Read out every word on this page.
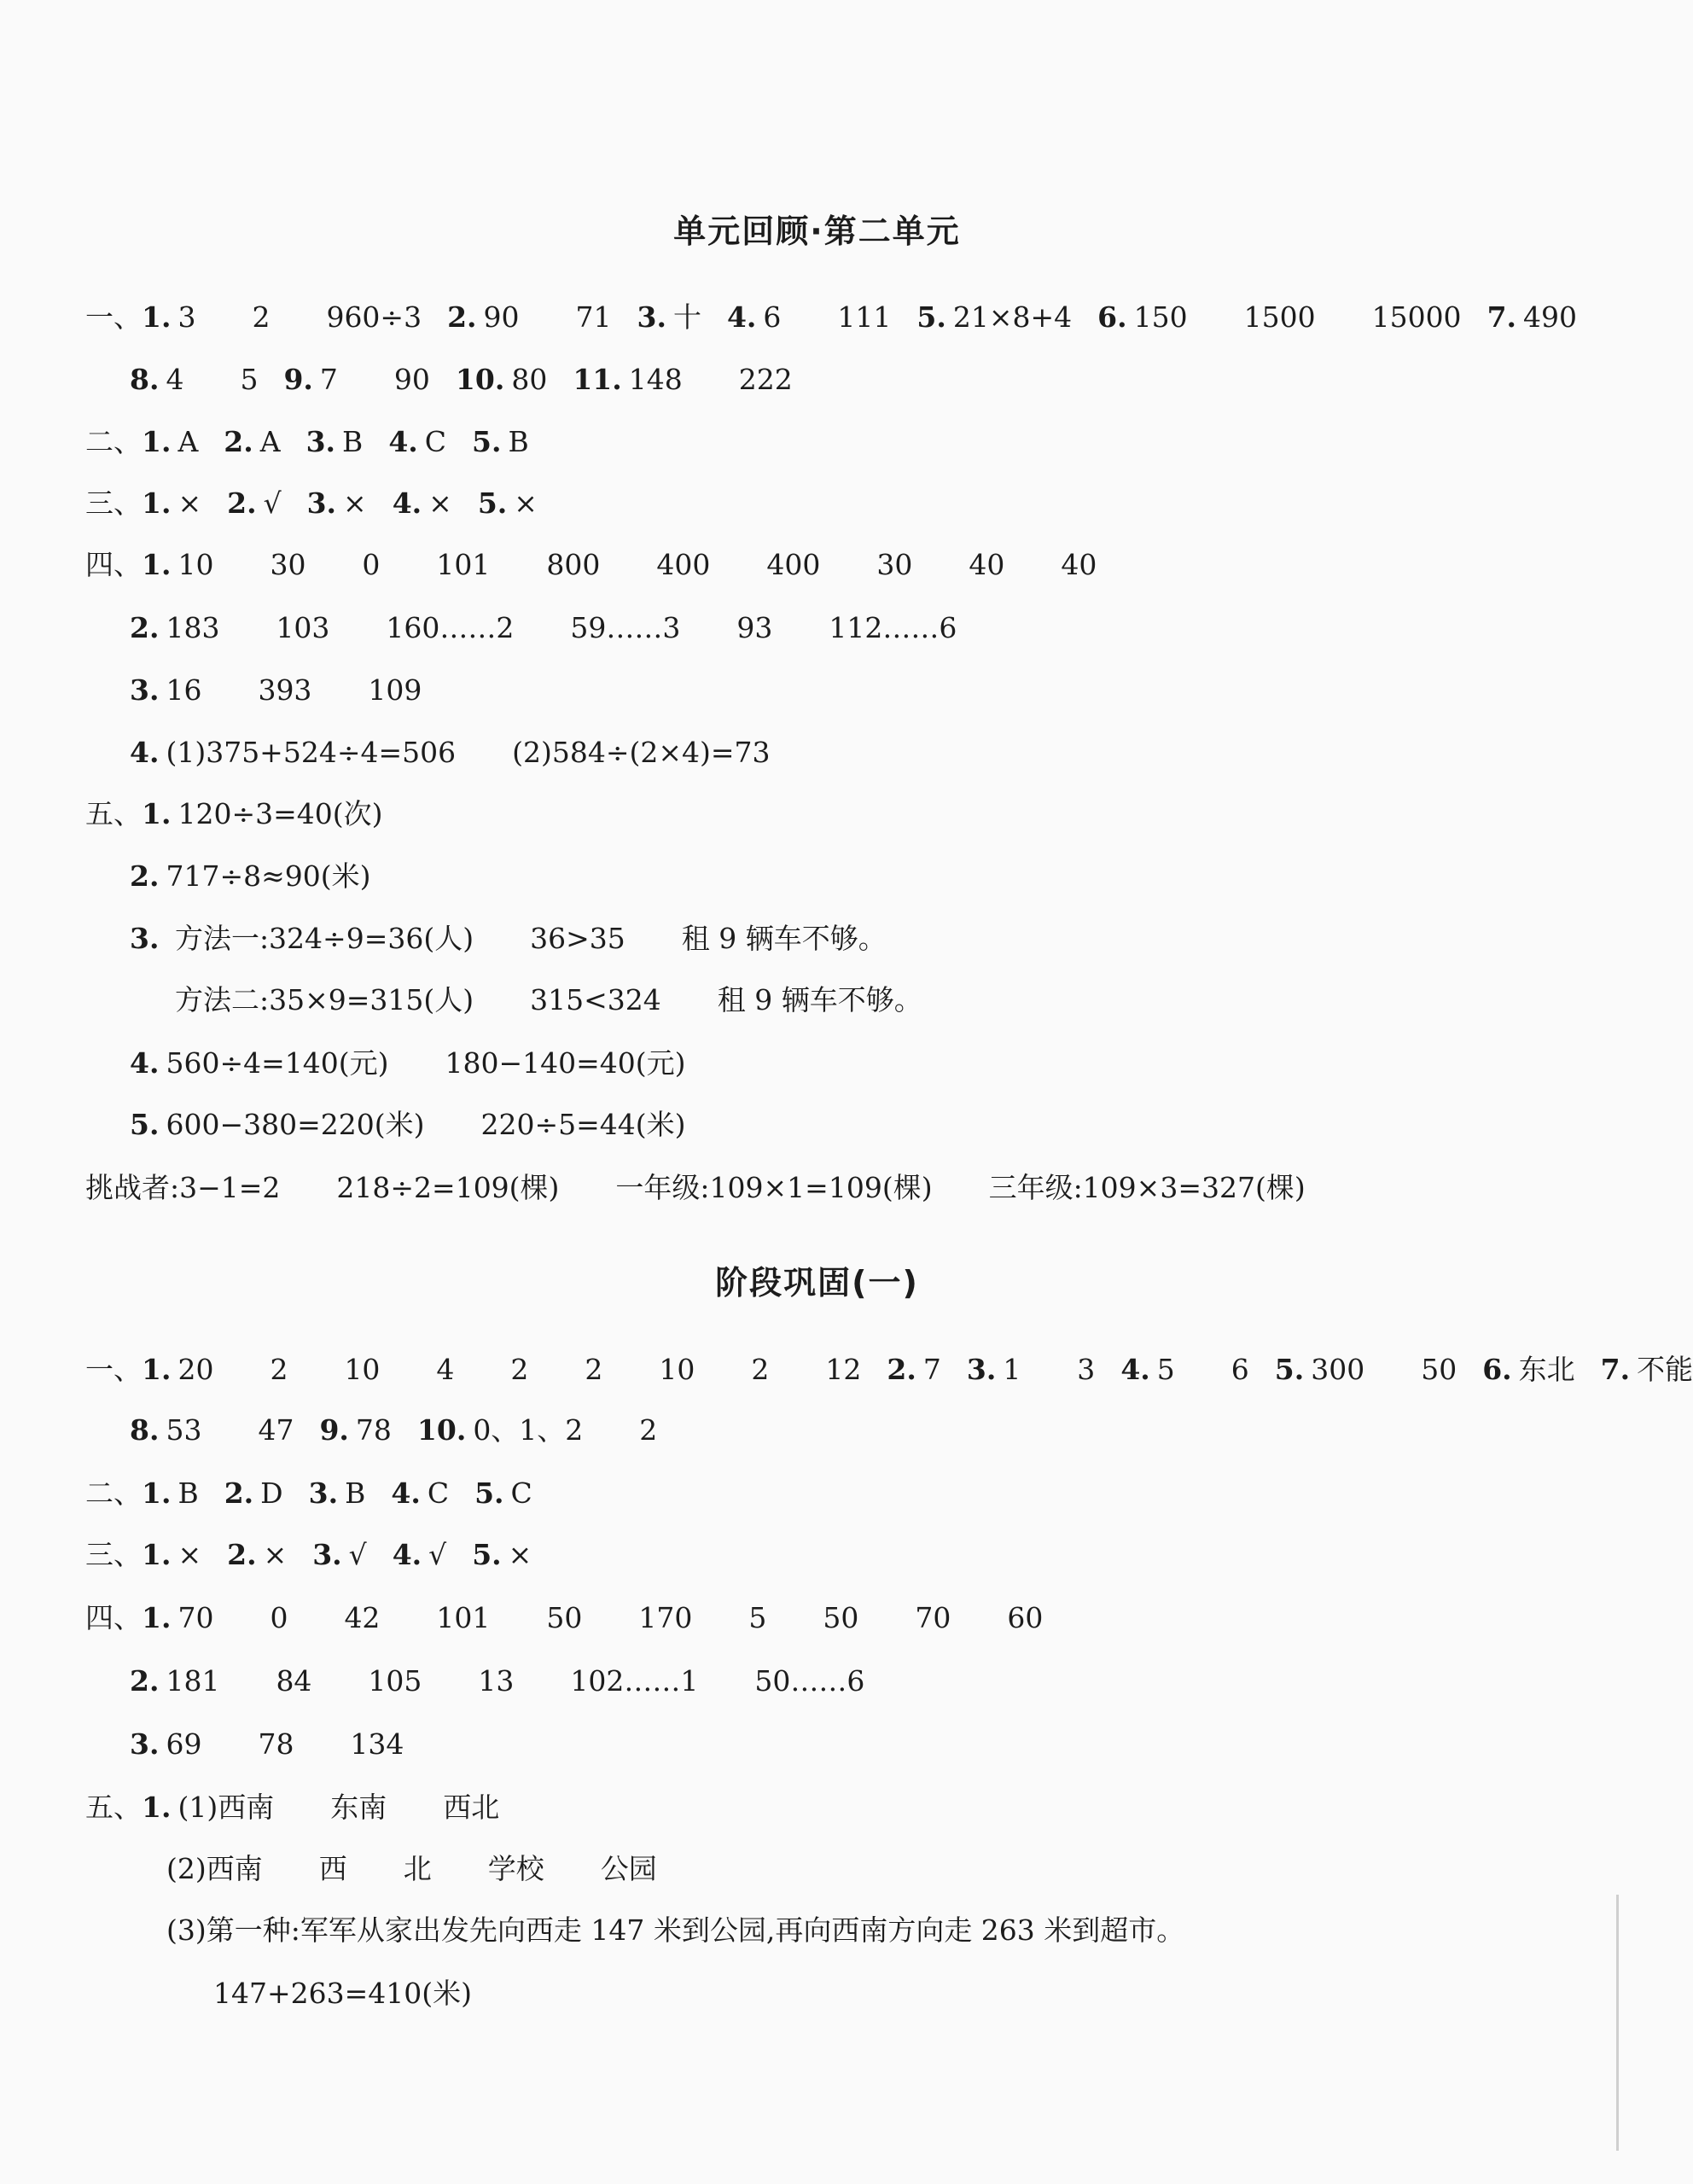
单元回顾·第二单元
一、1. 3  2  960÷3 2. 90  71 3. 十 4. 6  111 5. 21×8+4 6. 150  1500  15000 7. 490
8. 4  5 9. 7  90 10. 80 11. 148  222
二、1. A 2. A 3. B 4. C 5. B
三、1. × 2. √ 3. × 4. × 5. ×
四、1. 10  30  0  101  800  400  400  30  40  40
2. 183  103  160……2  59……3  93  112……6
3. 16  393  109
4. (1)375+524÷4=506  (2)584÷(2×4)=73
五、1. 120÷3=40(次)
2. 717÷8≈90(米)
3. 方法一:324÷9=36(人)  36>35  租 9 辆车不够。
方法二:35×9=315(人)  315<324  租 9 辆车不够。
4. 560÷4=140(元)  180−140=40(元)
5. 600−380=220(米)  220÷5=44(米)
挑战者:3−1=2  218÷2=109(棵)  一年级:109×1=109(棵)  三年级:109×3=327(棵)
阶段巩固(一)
一、1. 20  2  10  4  2  2  10  2  12 2. 7 3. 1  3 4. 5  6 5. 300  50 6. 东北 7. 不能
8. 53  47 9. 78 10. 0、1、2  2
二、1. B 2. D 3. B 4. C 5. C
三、1. × 2. × 3. √ 4. √ 5. ×
四、1. 70  0  42  101  50  170  5  50  70  60
2. 181  84  105  13  102……1  50……6
3. 69  78  134
五、1. (1)西南  东南  西北
(2)西南  西  北  学校  公园
(3)第一种:军军从家出发先向西走 147 米到公园,再向西南方向走 263 米到超市。
147+263=410(米)
